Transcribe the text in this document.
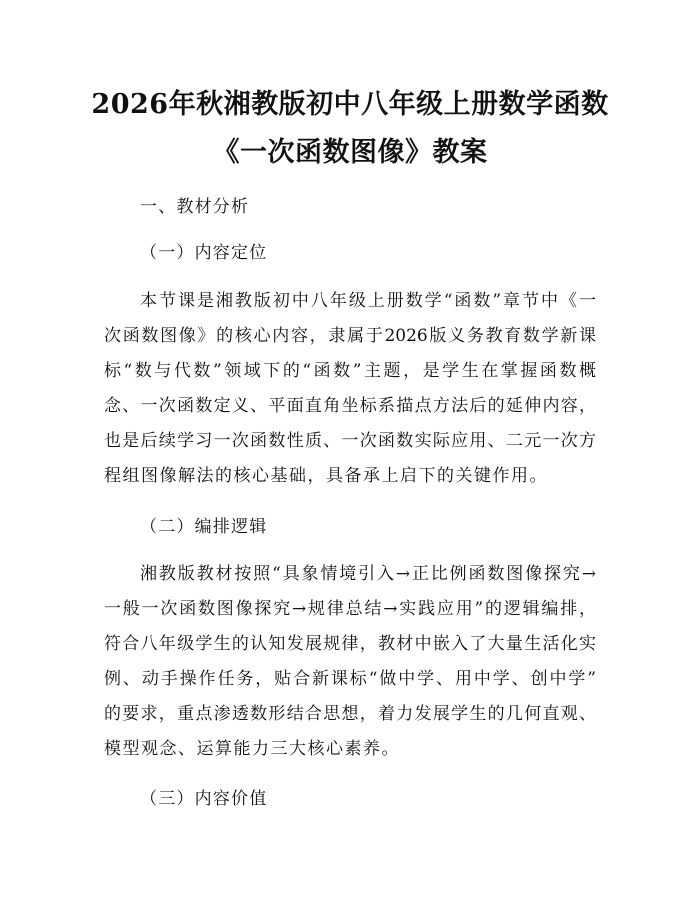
2026年秋湘教版初中八年级上册数学函数
《一次函数图像》教案
一、教材分析
（一）内容定位
本节课是湘教版初中八年级上册数学“函数”章节中《一
次函数图像》的核心内容，隶属于2026版义务教育数学新课
标“数与代数”领域下的“函数”主题，是学生在掌握函数概
念、一次函数定义、平面直角坐标系描点方法后的延伸内容，
也是后续学习一次函数性质、一次函数实际应用、二元一次方
程组图像解法的核心基础，具备承上启下的关键作用。
（二）编排逻辑
湘教版教材按照“具象情境引入→正比例函数图像探究→
一般一次函数图像探究→规律总结→实践应用”的逻辑编排，
符合八年级学生的认知发展规律，教材中嵌入了大量生活化实
例、动手操作任务，贴合新课标“做中学、用中学、创中学”
的要求，重点渗透数形结合思想，着力发展学生的几何直观、
模型观念、运算能力三大核心素养。
（三）内容价值
